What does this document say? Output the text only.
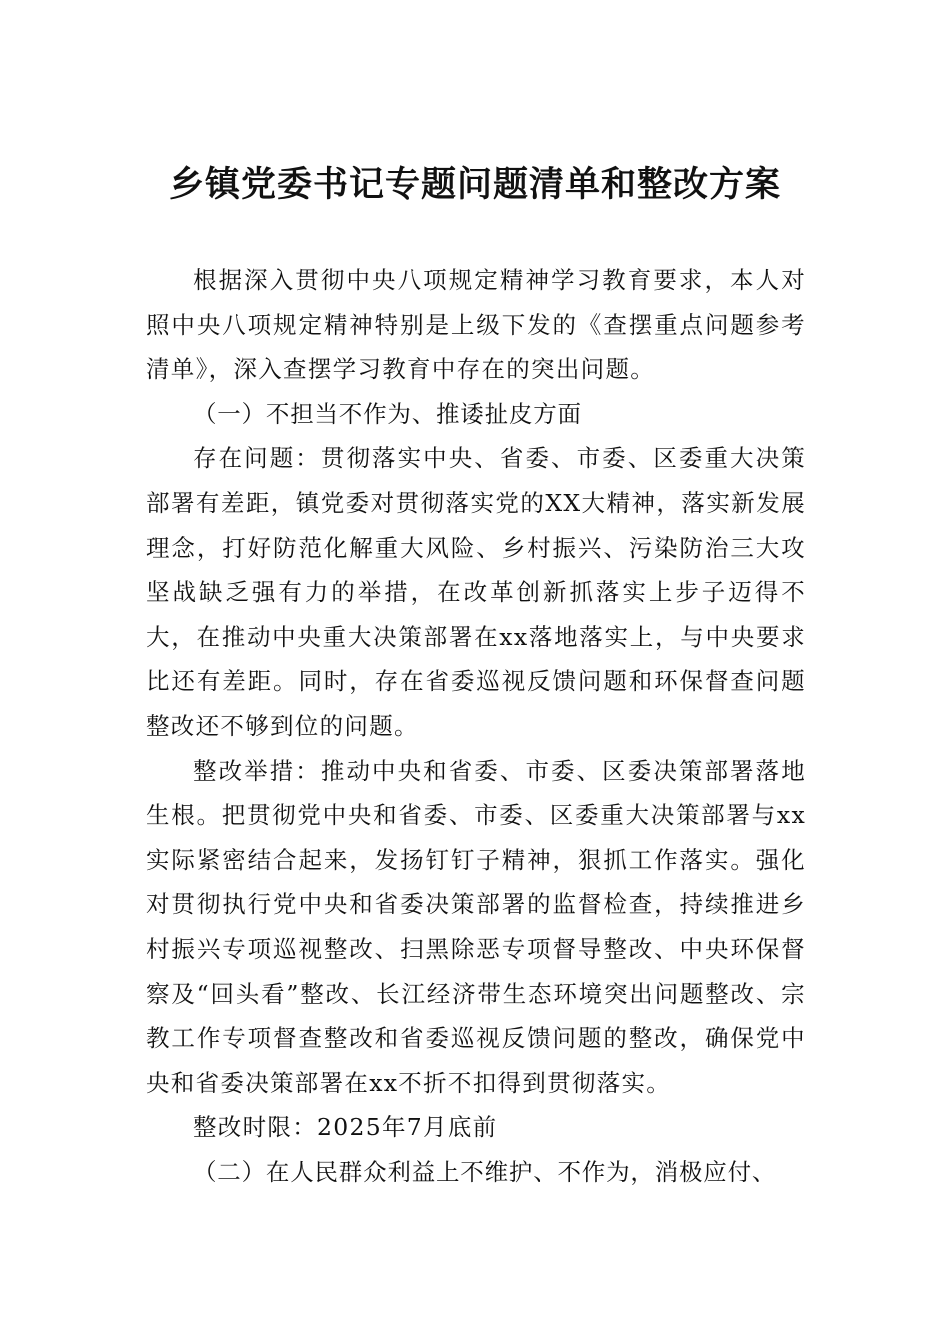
乡镇党委书记专题问题清单和整改方案

根据深入贯彻中央八项规定精神学习教育要求，本人对照中央八项规定精神特别是上级下发的《查摆重点问题参考清单》，深入查摆学习教育中存在的突出问题。

（一）不担当不作为、推诿扯皮方面

存在问题：贯彻落实中央、省委、市委、区委重大决策部署有差距，镇党委对贯彻落实党的XX大精神，落实新发展理念，打好防范化解重大风险、乡村振兴、污染防治三大攻坚战缺乏强有力的举措，在改革创新抓落实上步子迈得不大，在推动中央重大决策部署在xx落地落实上，与中央要求比还有差距。同时，存在省委巡视反馈问题和环保督查问题整改还不够到位的问题。

整改举措：推动中央和省委、市委、区委决策部署落地生根。把贯彻党中央和省委、市委、区委重大决策部署与xx实际紧密结合起来，发扬钉钉子精神，狠抓工作落实。强化对贯彻执行党中央和省委决策部署的监督检查，持续推进乡村振兴专项巡视整改、扫黑除恶专项督导整改、中央环保督察及“回头看”整改、长江经济带生态环境突出问题整改、宗教工作专项督查整改和省委巡视反馈问题的整改，确保党中央和省委决策部署在xx不折不扣得到贯彻落实。

整改时限：2025年7月底前

（二）在人民群众利益上不维护、不作为，消极应付、
